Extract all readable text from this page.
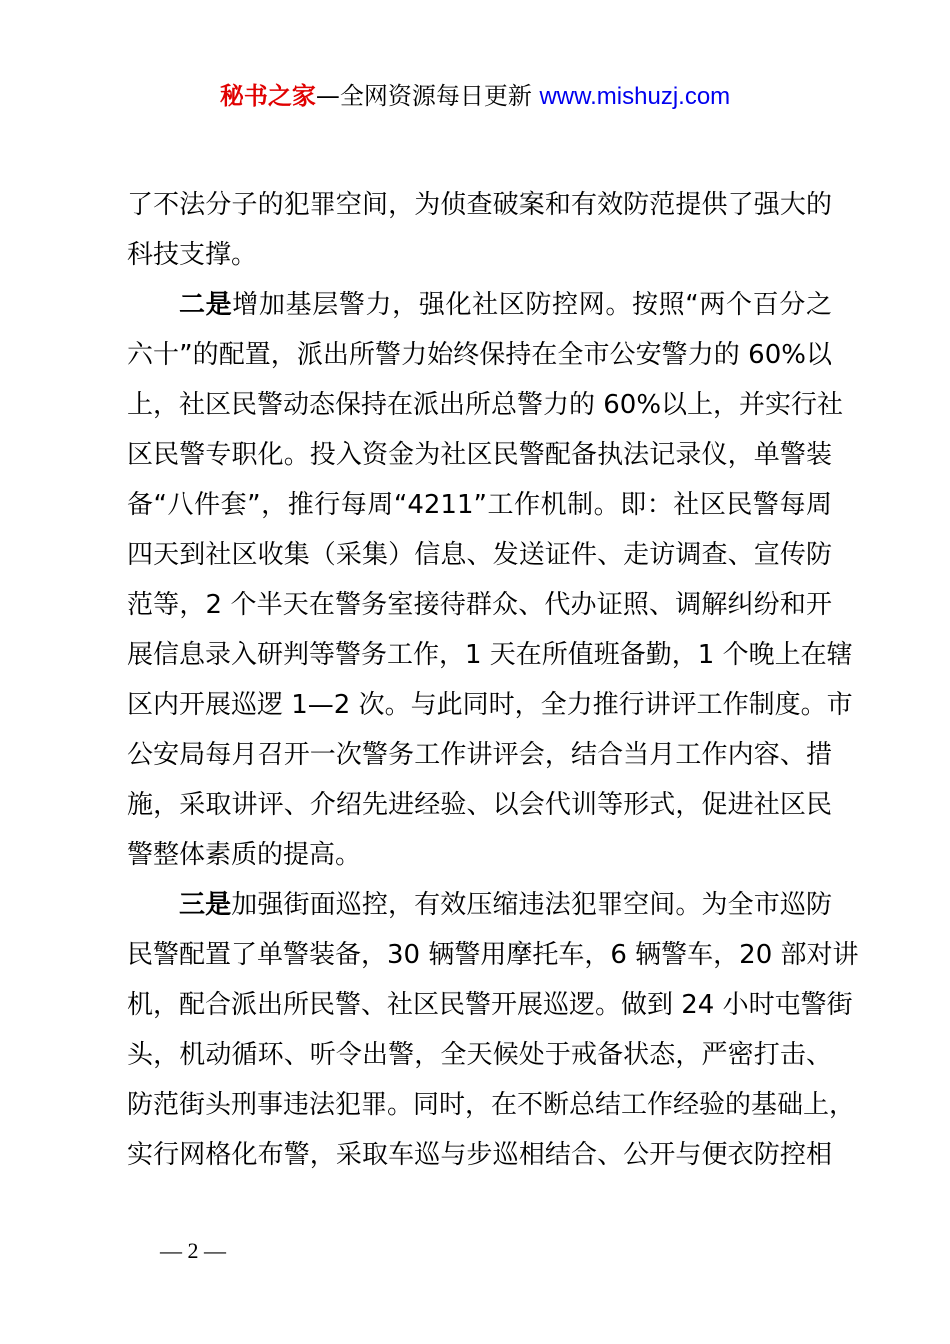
秘书之家—全网资源每日更新 www.mishuzj.com
了不法分子的犯罪空间，为侦查破案和有效防范提供了强大的
科技支撑。
二是增加基层警力，强化社区防控网。按照“两个百分之
六十”的配置，派出所警力始终保持在全市公安警力的 60%以
上，社区民警动态保持在派出所总警力的 60%以上，并实行社
区民警专职化。投入资金为社区民警配备执法记录仪，单警装
备“八件套”，推行每周“4211”工作机制。即：社区民警每周
四天到社区收集（采集）信息、发送证件、走访调查、宣传防
范等，2 个半天在警务室接待群众、代办证照、调解纠纷和开
展信息录入研判等警务工作，1 天在所值班备勤，1 个晚上在辖
区内开展巡逻 1—2 次。与此同时，全力推行讲评工作制度。市
公安局每月召开一次警务工作讲评会，结合当月工作内容、措
施，采取讲评、介绍先进经验、以会代训等形式，促进社区民
警整体素质的提高。
三是加强街面巡控，有效压缩违法犯罪空间。为全市巡防
民警配置了单警装备，30 辆警用摩托车，6 辆警车，20 部对讲
机，配合派出所民警、社区民警开展巡逻。做到 24 小时屯警街
头，机动循环、听令出警，全天候处于戒备状态，严密打击、
防范街头刑事违法犯罪。同时，在不断总结工作经验的基础上，
实行网格化布警，采取车巡与步巡相结合、公开与便衣防控相
— 2 —
